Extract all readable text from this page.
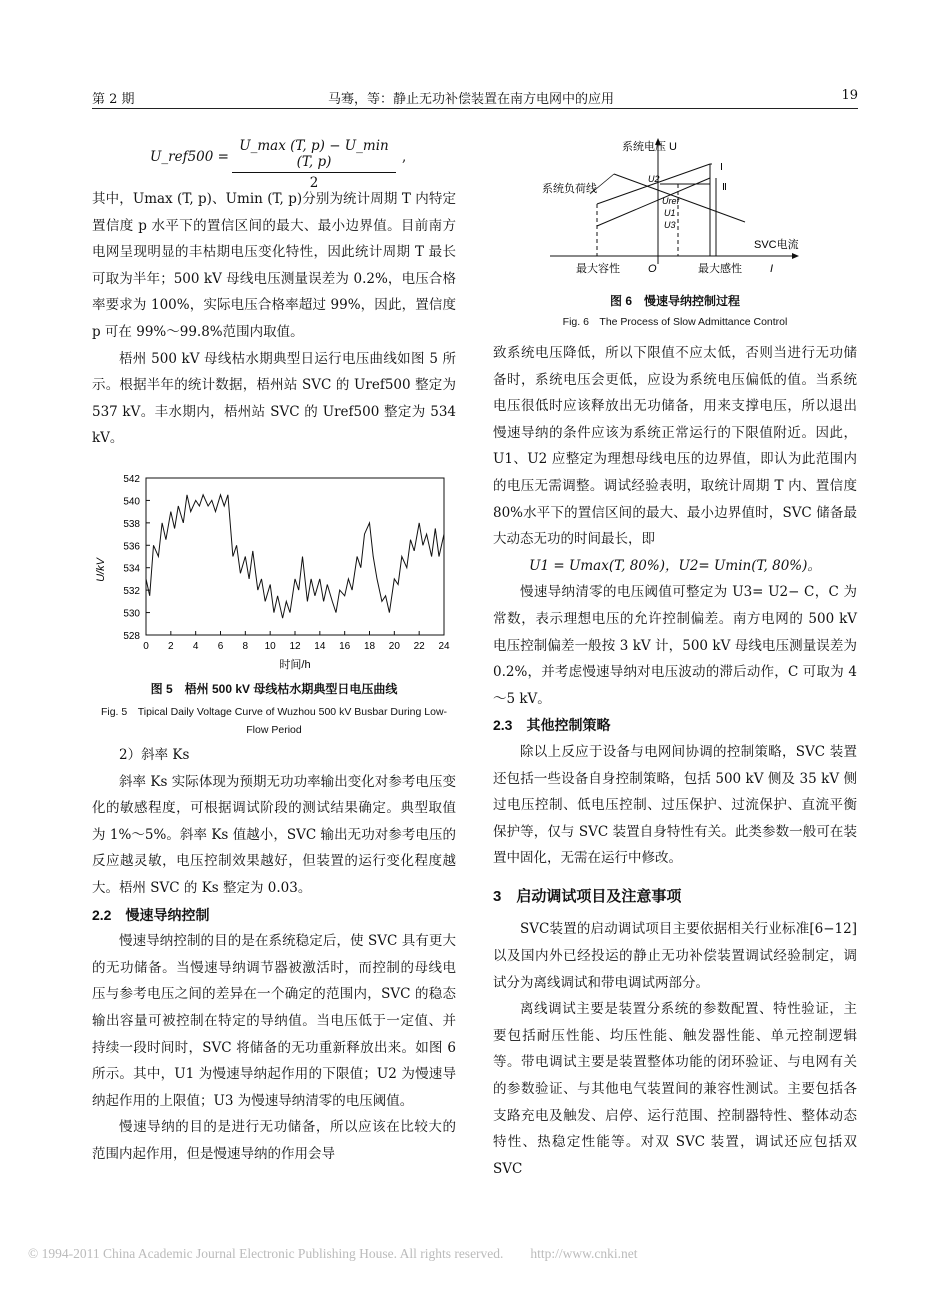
第 2 期	马骞，等：静止无功补偿装置在南方电网中的应用	19
U_ref500 =
U_max (T, p) − U_min (T, p)
2
,

其中，Umax (T, p)、Umin (T, p)分别为统计周期 T 内特定置信度 p 水平下的置信区间的最大、最小边界值。目前南方电网呈现明显的丰枯期电压变化特性，因此统计周期 T 最长可取为半年；500 kV 母线电压测量误差为 0.2%，电压合格率要求为 100%，实际电压合格率超过 99%，因此，置信度 p 可在 99%～99.8%范围内取值。

梧州 500 kV 母线枯水期典型日运行电压曲线如图 5 所示。根据半年的统计数据，梧州站 SVC 的 Uref500 整定为 537 kV。丰水期内，梧州站 SVC 的 Uref500 整定为 534 kV。

528
530
532
534
536
538
540
542
0 2 4 6 8 10 12 14 16 18 20 22 24
U/kV
时间/h
图 5　梧州 500 kV 母线枯水期典型日电压曲线
Fig. 5　Tipical Daily Voltage Curve of Wuzhou 500 kV Busbar During Low-Flow Period

2）斜率 Ks

斜率 Ks 实际体现为预期无功功率输出变化对参考电压变化的敏感程度，可根据调试阶段的测试结果确定。典型取值为 1%～5%。斜率 Ks 值越小，SVC 输出无功对参考电压的反应越灵敏，电压控制效果越好，但装置的运行变化程度越大。梧州 SVC 的 Ks 整定为 0.03。

2.2　慢速导纳控制

慢速导纳控制的目的是在系统稳定后，使 SVC 具有更大的无功储备。当慢速导纳调节器被激活时，而控制的母线电压与参考电压之间的差异在一个确定的范围内，SVC 的稳态输出容量可被控制在特定的导纳值。当电压低于一定值、并持续一段时间时，SVC 将储备的无功重新释放出来。如图 6 所示。其中，U1 为慢速导纳起作用的下限值；U2 为慢速导纳起作用的上限值；U3 为慢速导纳清零的电压阈值。

慢速导纳的目的是进行无功储备，所以应该在比较大的范围内起作用，但是慢速导纳的作用会导

系统电压 U
系统负荷线
U2
Uref
U1
U3
Ⅰ
Ⅱ
SVC电流
最大容性	O	最大感性	I
图 6　慢速导纳控制过程
Fig. 6　The Process of Slow Admittance Control

致系统电压降低，所以下限值不应太低，否则当进行无功储备时，系统电压会更低，应设为系统电压偏低的值。当系统电压很低时应该释放出无功储备，用来支撑电压，所以退出慢速导纳的条件应该为系统正常运行的下限值附近。因此，U1、U2 应整定为理想母线电压的边界值，即认为此范围内的电压无需调整。调试经验表明，取统计周期 T 内、置信度 80%水平下的置信区间的最大、最小边界值时，SVC 储备最大动态无功的时间最长，即

U1 = Umax(T, 80%)，U2= Umin(T, 80%)。

慢速导纳清零的电压阈值可整定为 U3= U2− C，C 为常数，表示理想电压的允许控制偏差。南方电网的 500 kV 电压控制偏差一般按 3 kV 计，500 kV 母线电压测量误差为 0.2%，并考虑慢速导纳对电压波动的滞后动作，C 可取为 4～5 kV。

2.3　其他控制策略

除以上反应于设备与电网间协调的控制策略，SVC 装置还包括一些设备自身控制策略，包括 500 kV 侧及 35 kV 侧过电压控制、低电压控制、过压保护、过流保护、直流平衡保护等，仅与 SVC 装置自身特性有关。此类参数一般可在装置中固化，无需在运行中修改。

3　启动调试项目及注意事项

SVC装置的启动调试项目主要依据相关行业标准[6−12]以及国内外已经投运的静止无功补偿装置调试经验制定，调试分为离线调试和带电调试两部分。

离线调试主要是装置分系统的参数配置、特性验证，主要包括耐压性能、均压性能、触发器性能、单元控制逻辑等。带电调试主要是装置整体功能的闭环验证、与电网有关的参数验证、与其他电气装置间的兼容性测试。主要包括各支路充电及触发、启停、运行范围、控制器特性、整体动态特性、热稳定性能等。对双 SVC 装置，调试还应包括双 SVC

© 1994-2011 China Academic Journal Electronic Publishing House. All rights reserved.　　http://www.cnki.net
